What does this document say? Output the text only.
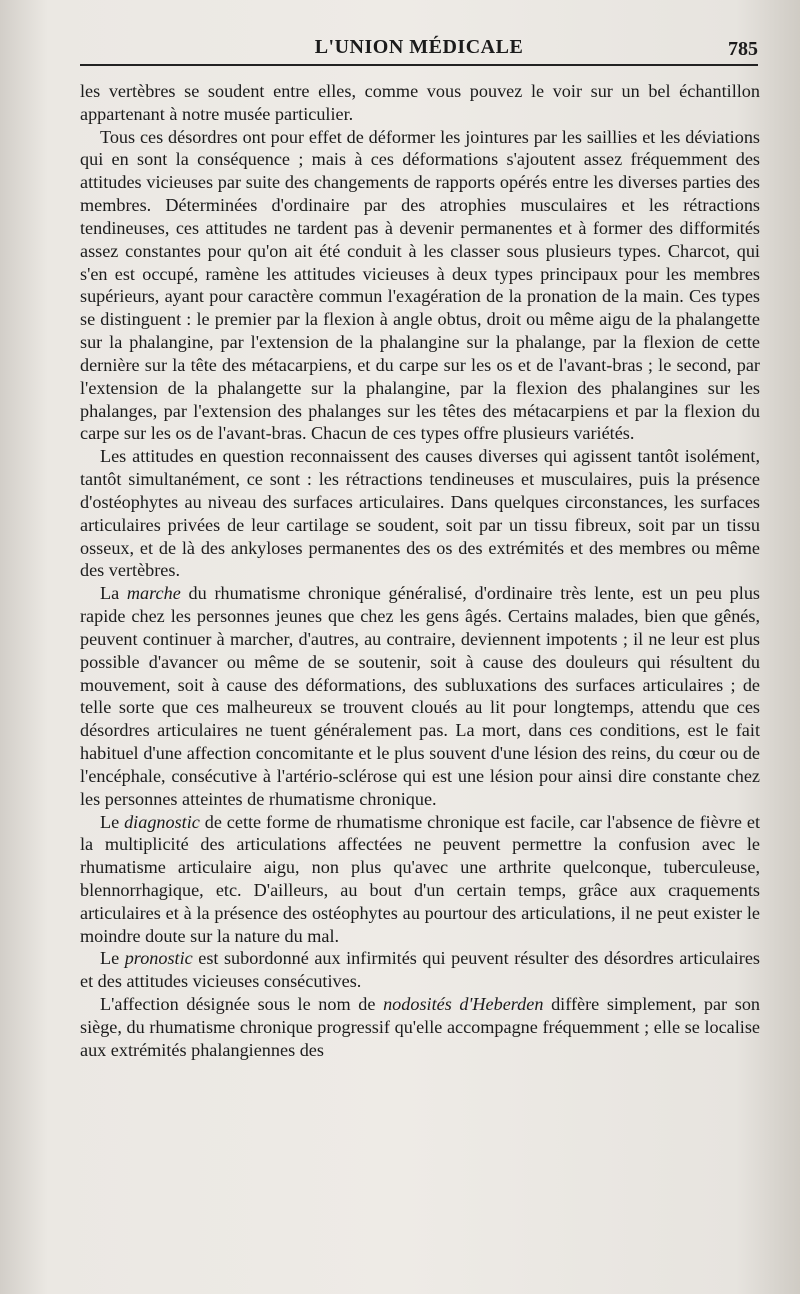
L'UNION MÉDICALE	785

les vertèbres se soudent entre elles, comme vous pouvez le voir sur un bel échantillon appartenant à notre musée particulier.

Tous ces désordres ont pour effet de déformer les jointures par les saillies et les déviations qui en sont la conséquence ; mais à ces déformations s'ajoutent assez fréquemment des attitudes vicieuses par suite des changements de rapports opérés entre les diverses parties des membres. Déterminées d'ordinaire par des atrophies musculaires et les rétractions tendineuses, ces attitudes ne tardent pas à devenir permanentes et à former des difformités assez constantes pour qu'on ait été conduit à les classer sous plusieurs types. Charcot, qui s'en est occupé, ramène les attitudes vicieuses à deux types principaux pour les membres supérieurs, ayant pour caractère commun l'exagération de la pronation de la main. Ces types se distinguent : le premier par la flexion à angle obtus, droit ou même aigu de la phalangette sur la phalangine, par l'extension de la phalangine sur la phalange, par la flexion de cette dernière sur la tête des métacarpiens, et du carpe sur les os et de l'avant-bras ; le second, par l'extension de la phalangette sur la phalangine, par la flexion des phalangines sur les phalanges, par l'extension des phalanges sur les têtes des métacarpiens et par la flexion du carpe sur les os de l'avant-bras. Chacun de ces types offre plusieurs variétés.

Les attitudes en question reconnaissent des causes diverses qui agissent tantôt isolément, tantôt simultanément, ce sont : les rétractions tendineuses et musculaires, puis la présence d'ostéophytes au niveau des surfaces articulaires. Dans quelques circonstances, les surfaces articulaires privées de leur cartilage se soudent, soit par un tissu fibreux, soit par un tissu osseux, et de là des ankyloses permanentes des os des extrémités et des membres ou même des vertèbres.

La marche du rhumatisme chronique généralisé, d'ordinaire très lente, est un peu plus rapide chez les personnes jeunes que chez les gens âgés. Certains malades, bien que gênés, peuvent continuer à marcher, d'autres, au contraire, deviennent impotents ; il ne leur est plus possible d'avancer ou même de se soutenir, soit à cause des douleurs qui résultent du mouvement, soit à cause des déformations, des subluxations des surfaces articulaires ; de telle sorte que ces malheureux se trouvent cloués au lit pour longtemps, attendu que ces désordres articulaires ne tuent généralement pas. La mort, dans ces conditions, est le fait habituel d'une affection concomitante et le plus souvent d'une lésion des reins, du cœur ou de l'encéphale, consécutive à l'artério-sclérose qui est une lésion pour ainsi dire constante chez les personnes atteintes de rhumatisme chronique.

Le diagnostic de cette forme de rhumatisme chronique est facile, car l'absence de fièvre et la multiplicité des articulations affectées ne peuvent permettre la confusion avec le rhumatisme articulaire aigu, non plus qu'avec une arthrite quelconque, tuberculeuse, blennorrhagique, etc. D'ailleurs, au bout d'un certain temps, grâce aux craquements articulaires et à la présence des ostéophytes au pourtour des articulations, il ne peut exister le moindre doute sur la nature du mal.

Le pronostic est subordonné aux infirmités qui peuvent résulter des désordres articulaires et des attitudes vicieuses consécutives.

L'affection désignée sous le nom de nodosités d'Heberden diffère simplement, par son siège, du rhumatisme chronique progressif qu'elle accompagne fréquemment ; elle se localise aux extrémités phalangiennes des
